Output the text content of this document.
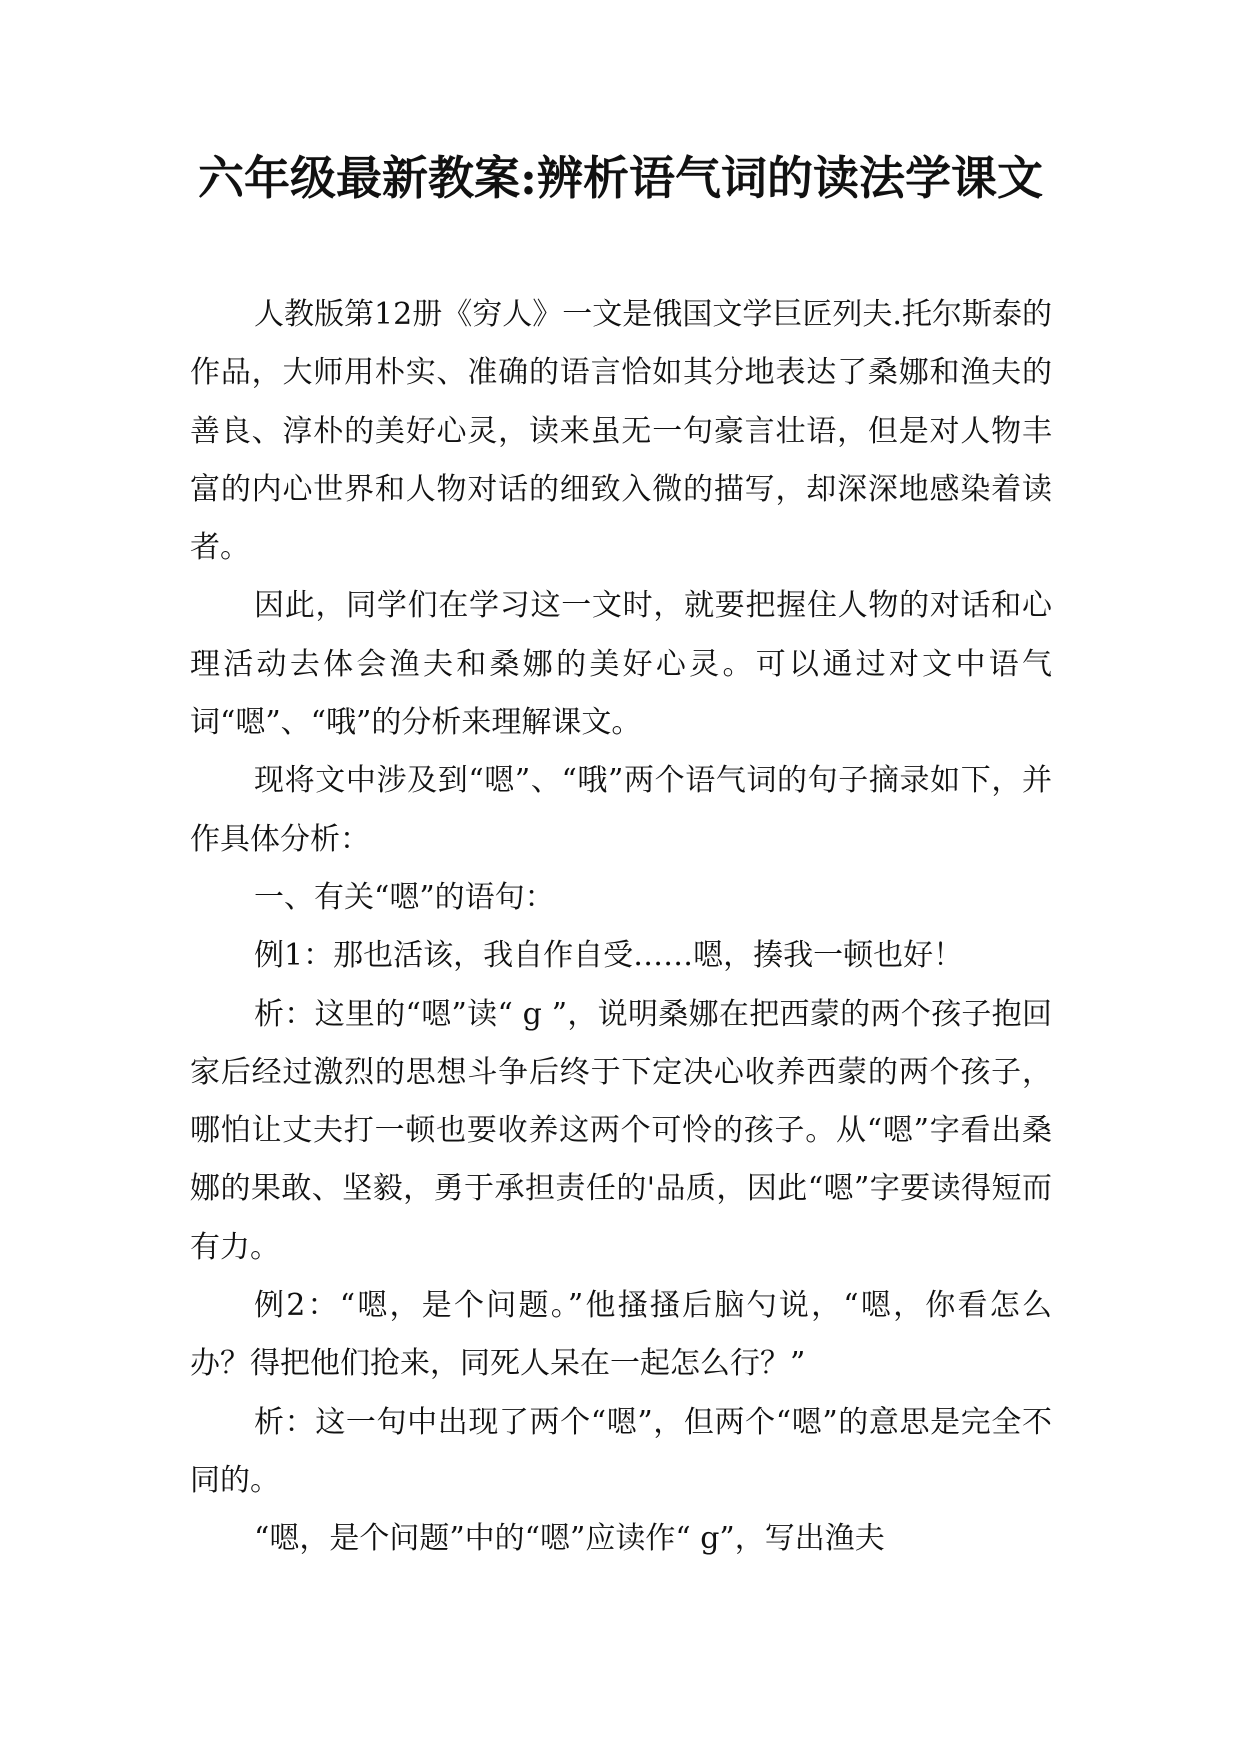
六年级最新教案:辨析语气词的读法学课文

人教版第12册《穷人》一文是俄国文学巨匠列夫.托尔斯泰的作品，大师用朴实、准确的语言恰如其分地表达了桑娜和渔夫的善良、淳朴的美好心灵，读来虽无一句豪言壮语，但是对人物丰富的内心世界和人物对话的细致入微的描写，却深深地感染着读者。

因此，同学们在学习这一文时，就要把握住人物的对话和心理活动去体会渔夫和桑娜的美好心灵。可以通过对文中语气词“嗯”、“哦”的分析来理解课文。

现将文中涉及到“嗯”、“哦”两个语气词的句子摘录如下，并作具体分析：

一、有关“嗯”的语句：

例1：那也活该，我自作自受……嗯，揍我一顿也好！

析：这里的“嗯”读“ g ”，说明桑娜在把西蒙的两个孩子抱回家后经过激烈的思想斗争后终于下定决心收养西蒙的两个孩子，哪怕让丈夫打一顿也要收养这两个可怜的孩子。从“嗯”字看出桑娜的果敢、坚毅，勇于承担责任的'品质，因此“嗯”字要读得短而有力。

例2：“嗯，是个问题。”他搔搔后脑勺说，“嗯，你看怎么办？得把他们抢来，同死人呆在一起怎么行？”

析：这一句中出现了两个“嗯”，但两个“嗯”的意思是完全不同的。

“嗯，是个问题”中的“嗯”应读作“ g”，写出渔夫
